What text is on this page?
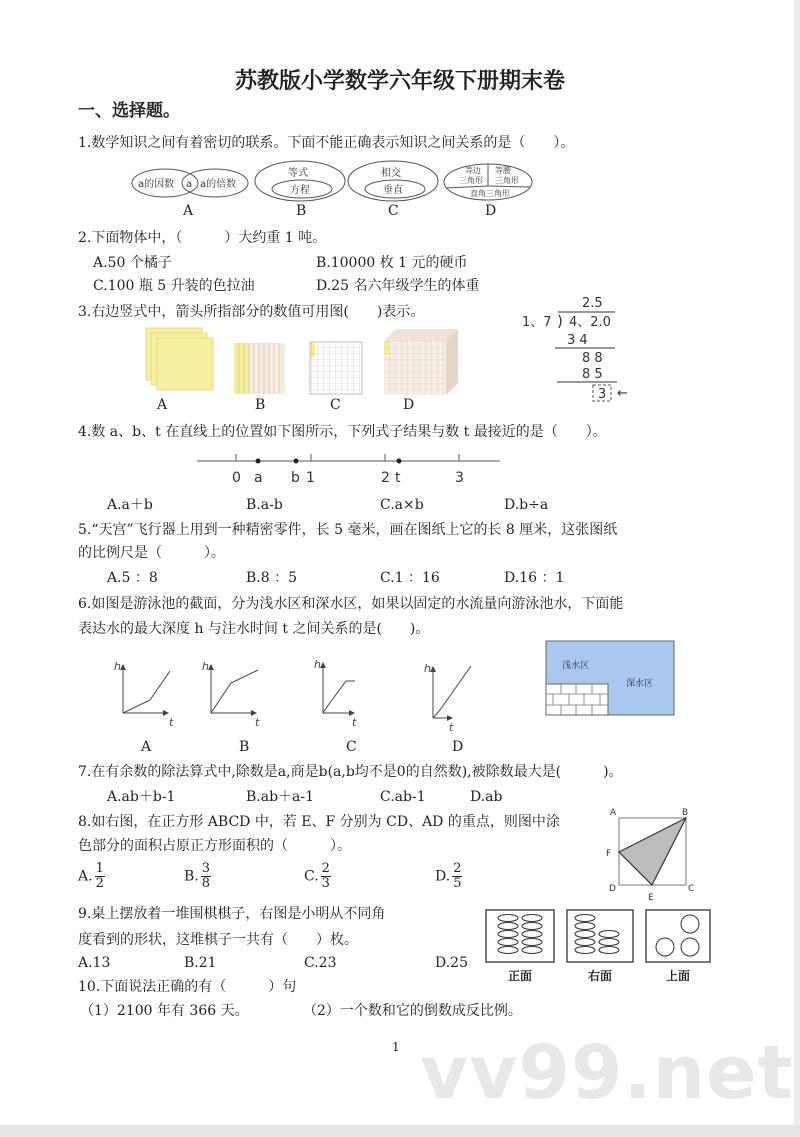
苏教版小学数学六年级下册期末卷
一、选择题。
1.数学知识之间有着密切的联系。下面不能正确表示知识之间关系的是（　　）。
a的因数 a a的倍数
等式
方程
相交
垂直
等边
三角形
等腰
三角形
直角三角形
A	B	C	D
2.下面物体中，（　　　）大约重 1 吨。
A.50 个橘子	B.10000 枚 1 元的硬币
C.100 瓶 5 升装的色拉油	D.25 名六年级学生的体重
3.右边竖式中，箭头所指部分的数值可用图(　　)表示。
2.5
1、7 ) 4、2.0
3 4
8 8
8 5
3 ←
A	B	C	D
4.数 a、b、t 在直线上的位置如下图所示，下列式子结果与数 t 最接近的是（　　）。
0 a b 1	2 t	3
A.a＋b	B.a-b	C.a×b	D.b÷a
5.“天宫”飞行器上用到一种精密零件，长 5 毫米，画在图纸上它的长 8 厘米，这张图纸
的比例尺是（　　　）。
A.5 ：8	B.8 ：5	C.1 ：16	D.16 ：1
6.如图是游泳池的截面，分为浅水区和深水区，如果以固定的水流量向游泳池水，下面能
表达水的最大深度 h 与注水时间 t 之间关系的是(　　)。
h
t
h
t
h
t
h
t
浅水区
深水区
A	B	C	D
7.在有余数的除法算式中,除数是a,商是b(a,b均不是0的自然数),被除数最大是(　　　)。
A.ab＋b-1	B.ab＋a-1	C.ab-1	D.ab
8.如右图，在正方形 ABCD 中，若 E、F 分别为 CD、AD 的重点，则图中涂
色部分的面积占原正方形面积的（　　　）。
A. $\frac{1}{2}$	B. $\frac{3}{8}$	C. $\frac{2}{3}$	D. $\frac{2}{5}$
A	B
C
D
E
F
正面	右面	上面
9.桌上摆放着一堆围棋棋子，右图是小明从不同角
度看到的形状，这堆棋子一共有（　　）枚。
A.13	B.21	C.23	D.25
10.下面说法正确的有（　　　）句
（1）2100 年有 366 天。	（2）一个数和它的倒数成反比例。
1 vv99.net
